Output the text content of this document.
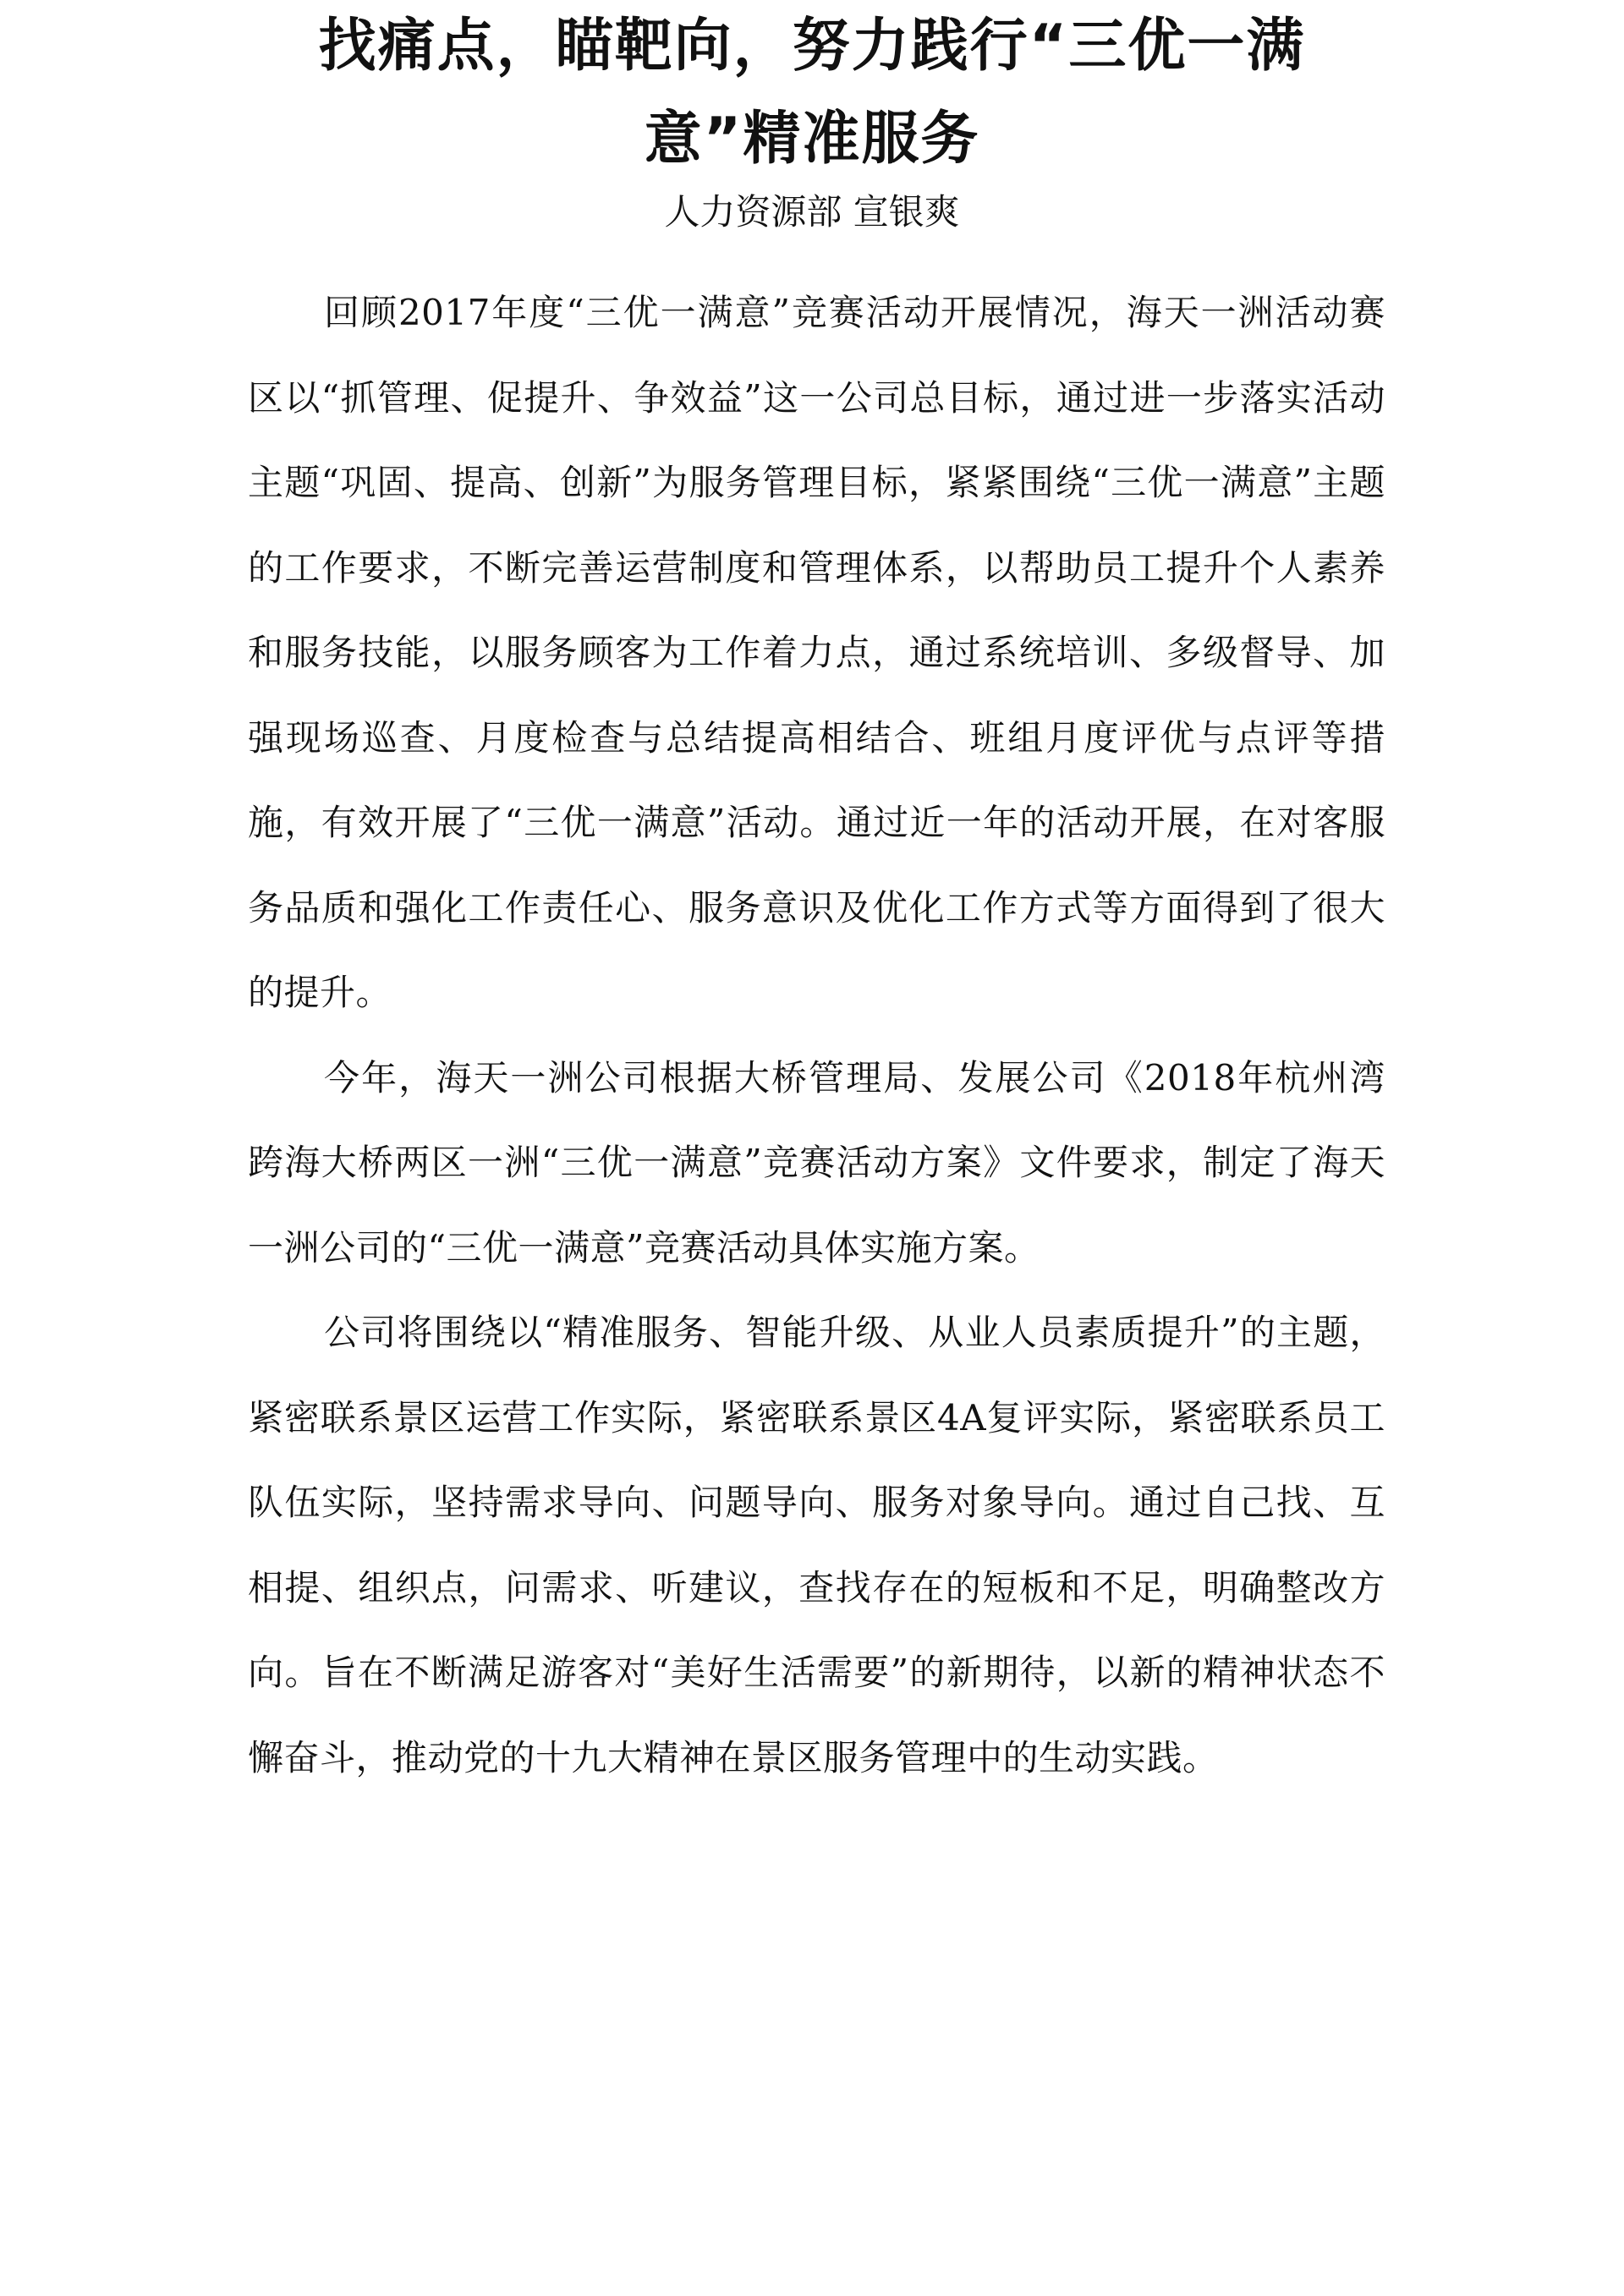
找痛点，瞄靶向，努力践行“三优一满
意”精准服务
人力资源部 宣银爽

回顾2017年度“三优一满意”竞赛活动开展情况，海天一洲活动赛区以“抓管理、促提升、争效益”这一公司总目标，通过进一步落实活动主题“巩固、提高、创新”为服务管理目标，紧紧围绕“三优一满意”主题的工作要求，不断完善运营制度和管理体系，以帮助员工提升个人素养和服务技能，以服务顾客为工作着力点，通过系统培训、多级督导、加强现场巡查、月度检查与总结提高相结合、班组月度评优与点评等措施，有效开展了“三优一满意”活动。通过近一年的活动开展，在对客服务品质和强化工作责任心、服务意识及优化工作方式等方面得到了很大的提升。

今年，海天一洲公司根据大桥管理局、发展公司《2018年杭州湾跨海大桥两区一洲“三优一满意”竞赛活动方案》文件要求，制定了海天一洲公司的“三优一满意”竞赛活动具体实施方案。

公司将围绕以“精准服务、智能升级、从业人员素质提升”的主题，紧密联系景区运营工作实际，紧密联系景区4A复评实际，紧密联系员工队伍实际，坚持需求导向、问题导向、服务对象导向。通过自己找、互相提、组织点，问需求、听建议，查找存在的短板和不足，明确整改方向。旨在不断满足游客对“美好生活需要”的新期待，以新的精神状态不懈奋斗，推动党的十九大精神在景区服务管理中的生动实践。
